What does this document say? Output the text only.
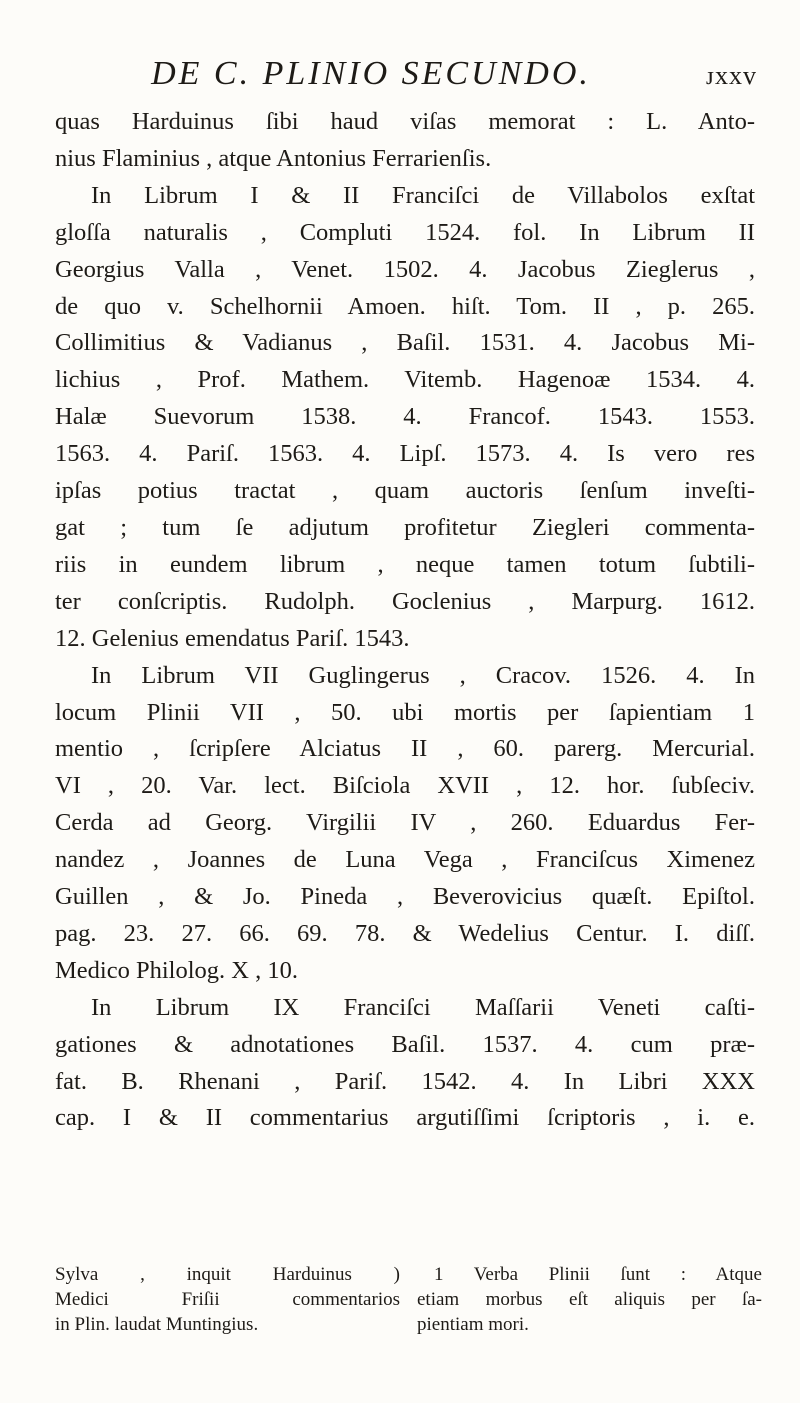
DE C. PLINIO SECUNDO.	ᴊxxv
quas Harduinus ſibi haud viſas memorat : L. Anto-
nius Flaminius , atque Antonius Ferrarienſis.
In Librum I & II Franciſci de Villabolos exſtat
gloſſa naturalis , Compluti 1524. fol. In Librum II
Georgius Valla , Venet. 1502. 4. Jacobus Zieglerus ,
de quo v. Schelhornii Amoen. hiſt. Tom. II , p. 265.
Collimitius & Vadianus , Baſil. 1531. 4. Jacobus Mi-
lichius , Prof. Mathem. Vitemb. Hagenoæ 1534. 4.
Halæ Suevorum 1538. 4. Francof. 1543. 1553.
1563. 4. Pariſ. 1563. 4. Lipſ. 1573. 4. Is vero res
ipſas potius tractat , quam auctoris ſenſum inveſti-
gat ; tum ſe adjutum profitetur Ziegleri commenta-
riis in eundem librum , neque tamen totum ſubtili-
ter conſcriptis. Rudolph. Goclenius , Marpurg. 1612.
12. Gelenius emendatus Pariſ. 1543.
In Librum VII Guglingerus , Cracov. 1526. 4. In
locum Plinii VII , 50. ubi mortis per ſapientiam 1
mentio , ſcripſere Alciatus II , 60. parerg. Mercurial.
VI , 20. Var. lect. Biſciola XVII , 12. hor. ſubſeciv.
Cerda ad Georg. Virgilii IV , 260. Eduardus Fer-
nandez , Joannes de Luna Vega , Franciſcus Ximenez
Guillen , & Jo. Pineda , Beverovicius quæſt. Epiſtol.
pag. 23. 27. 66. 69. 78. & Wedelius Centur. I. diſſ.
Medico Philolog. X , 10.
In Librum IX Franciſci Maſſarii Veneti caſti-
gationes & adnotationes Baſil. 1537. 4. cum præ-
fat. B. Rhenani , Pariſ. 1542. 4. In Libri XXX
cap. I & II commentarius argutiſſimi ſcriptoris , i. e.
Sylva , inquit Harduinus )
Medici Friſii commentarios
in Plin. laudat Muntingius.
1 Verba Plinii ſunt : Atque
etiam morbus eſt aliquis per ſa-
pientiam mori.
